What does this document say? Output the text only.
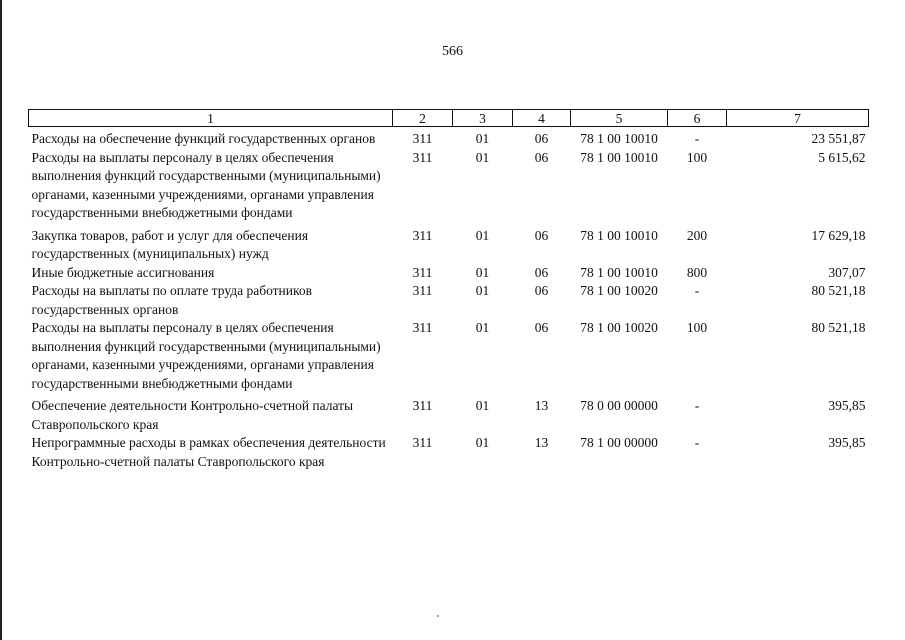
566
1	2	3	4	5	6	7
Расходы на обеспечение функций государственных органов	311	01	06	78 1 00 10010	-	23 551,87
Расходы на выплаты персоналу в целях обеспечения выполнения функций государственными (муниципальными) органами, казенными учреждениями, органами управления государственными внебюджетными фондами	311	01	06	78 1 00 10010	100	5 615,62
Закупка товаров, работ и услуг для обеспечения государственных (муниципальных) нужд	311	01	06	78 1 00 10010	200	17 629,18
Иные бюджетные ассигнования	311	01	06	78 1 00 10010	800	307,07
Расходы на выплаты по оплате труда работников государственных органов	311	01	06	78 1 00 10020	-	80 521,18
Расходы на выплаты персоналу в целях обеспечения выполнения функций государственными (муниципальными) органами, казенными учреждениями, органами управления государственными внебюджетными фондами	311	01	06	78 1 00 10020	100	80 521,18
Обеспечение деятельности Контрольно-счетной палаты Ставропольского края	311	01	13	78 0 00 00000	-	395,85
Непрограммные расходы в рамках обеспечения деятельности Контрольно-счетной палаты Ставропольского края	311	01	13	78 1 00 00000	-	395,85
